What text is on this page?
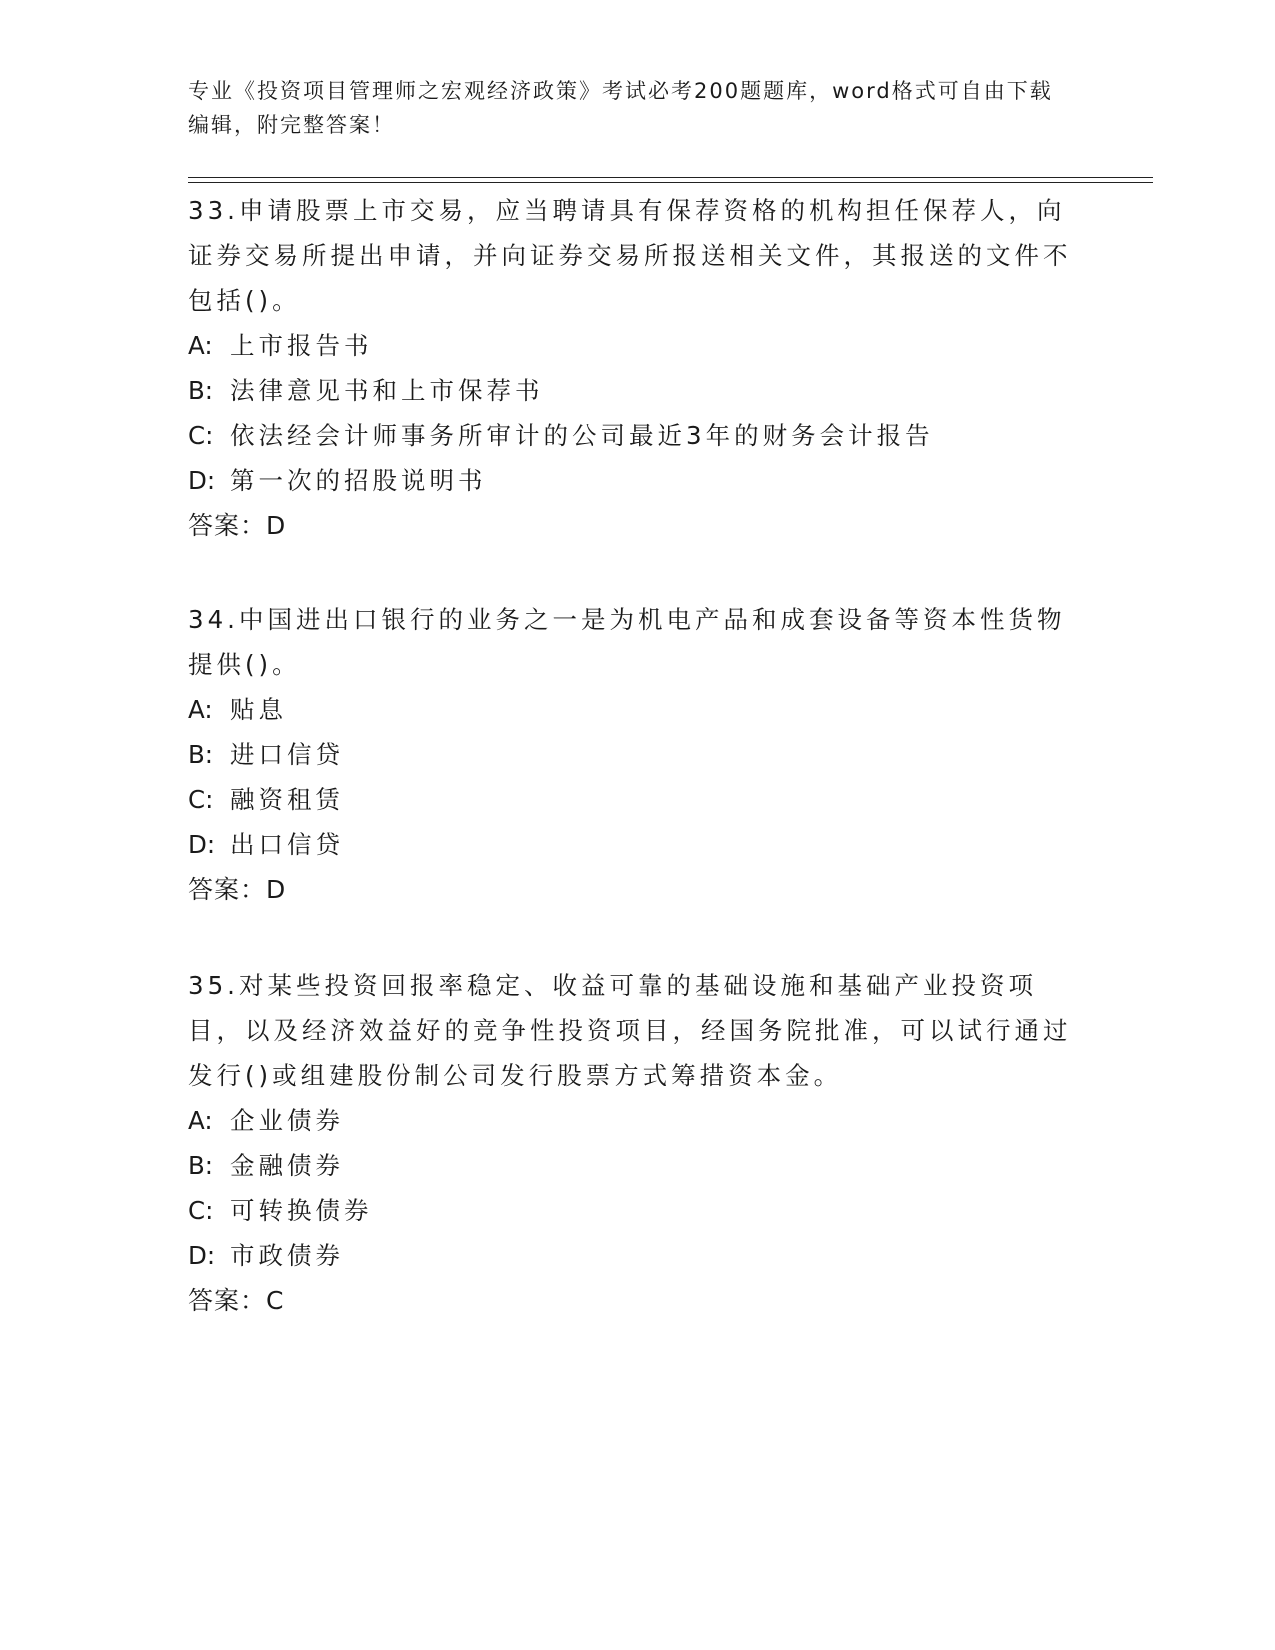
专业《投资项目管理师之宏观经济政策》考试必考200题题库，word格式可自由下载编辑，附完整答案！

33.申请股票上市交易，应当聘请具有保荐资格的机构担任保荐人，向证券交易所提出申请，并向证券交易所报送相关文件，其报送的文件不包括()。

A: 上市报告书

B: 法律意见书和上市保荐书

C: 依法经会计师事务所审计的公司最近3年的财务会计报告

D: 第一次的招股说明书

答案：D

34.中国进出口银行的业务之一是为机电产品和成套设备等资本性货物提供()。

A: 贴息

B: 进口信贷

C: 融资租赁

D: 出口信贷

答案：D

35.对某些投资回报率稳定、收益可靠的基础设施和基础产业投资项目，以及经济效益好的竞争性投资项目，经国务院批准，可以试行通过发行()或组建股份制公司发行股票方式筹措资本金。

A: 企业债券

B: 金融债券

C: 可转换债券

D: 市政债券

答案：C
